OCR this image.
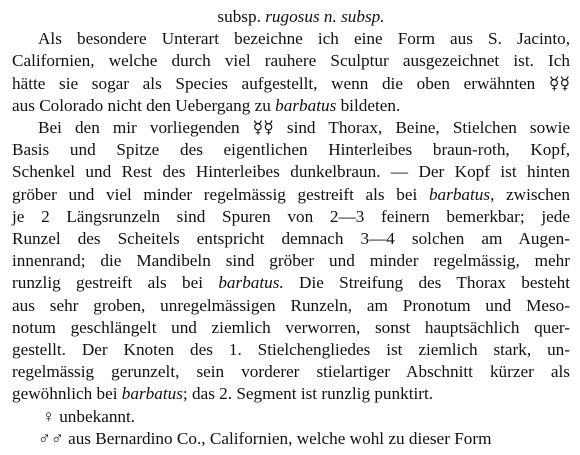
subsp. rugosus n. subsp.
Als besondere Unterart bezeichne ich eine Form aus S. Jacinto,
Californien, welche durch viel rauhere Sculptur ausgezeichnet ist. Ich
hätte sie sogar als Species aufgestellt, wenn die oben erwähnten ☿☿
aus Colorado nicht den Uebergang zu barbatus bildeten.
Bei den mir vorliegenden ☿☿ sind Thorax, Beine, Stielchen sowie
Basis und Spitze des eigentlichen Hinterleibes braun-roth, Kopf,
Schenkel und Rest des Hinterleibes dunkelbraun. — Der Kopf ist hinten
gröber und viel minder regelmässig gestreift als bei barbatus, zwischen
je 2 Längsrunzeln sind Spuren von 2—3 feinern bemerkbar; jede
Runzel des Scheitels entspricht demnach 3—4 solchen am Augen-
innenrand; die Mandibeln sind gröber und minder regelmässig, mehr
runzlig gestreift als bei barbatus. Die Streifung des Thorax besteht
aus sehr groben, unregelmässigen Runzeln, am Pronotum und Meso-
notum geschlängelt und ziemlich verworren, sonst hauptsächlich quer-
gestellt. Der Knoten des 1. Stielchengliedes ist ziemlich stark, un-
regelmässig gerunzelt, sein vorderer stielartiger Abschnitt kürzer als
gewöhnlich bei barbatus; das 2. Segment ist runzlig punktirt.
♀ unbekannt.
♂♂ aus Bernardino Co., Californien, welche wohl zu dieser Form
